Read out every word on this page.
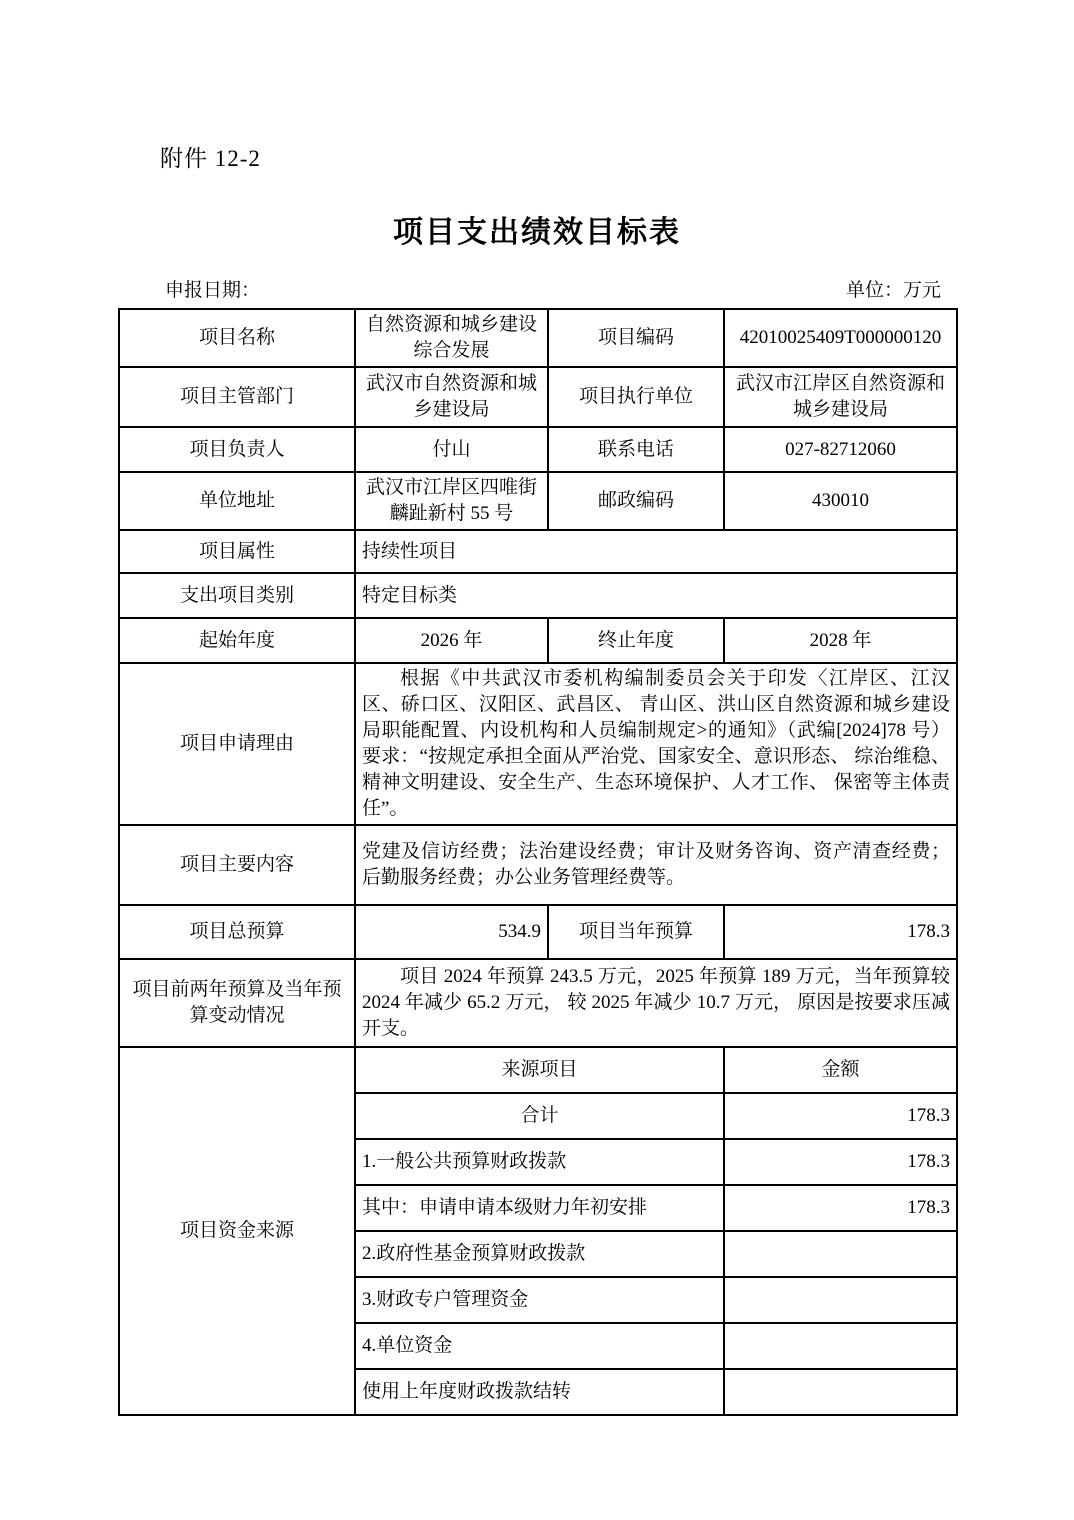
附件 12-2
项目支出绩效目标表
申报日期：	单位：万元
项目名称	自然资源和城乡建设综合发展	项目编码	42010025409T000000120
项目主管部门	武汉市自然资源和城乡建设局	项目执行单位	武汉市江岸区自然资源和城乡建设局
项目负责人	付山	联系电话	027-82712060
单位地址	武汉市江岸区四唯街麟趾新村 55 号	邮政编码	430010
项目属性	持续性项目		
支出项目类别	特定目标类		
起始年度	2026 年	终止年度	2028 年
项目申请理由	根据《中共武汉市委机构编制委员会关于印发〈江岸区、江汉区、硚口区、汉阳区、武昌区、 青山区、洪山区自然资源和城乡建设局职能配置、内设机构和人员编制规定>的通知》（武编[2024]78 号）要求：“按规定承担全面从严治党、国家安全、意识形态、 综治维稳、精神文明建设、安全生产、生态环境保护、人才工作、 保密等主体责任”。		

项目主要内容	党建及信访经费；法治建设经费；审计及财务咨询、资产清查经费；后勤服务经费；办公业务管理经费等。		
项目总预算	534.9	项目当年预算	178.3
项目前两年预算及当年预算变动情况	项目 2024 年预算 243.5 万元，2025 年预算 189 万元，当年预算较 2024 年减少 65.2 万元， 较 2025 年减少 10.7 万元， 原因是按要求压减开支。		

项目资金来源	来源项目		金额
	合计		178.3
	1.一般公共预算财政拨款		178.3
	其中：申请申请本级财力年初安排		178.3
	2.政府性基金预算财政拨款		
	3.财政专户管理资金		
	4.单位资金		
	使用上年度财政拨款结转		
